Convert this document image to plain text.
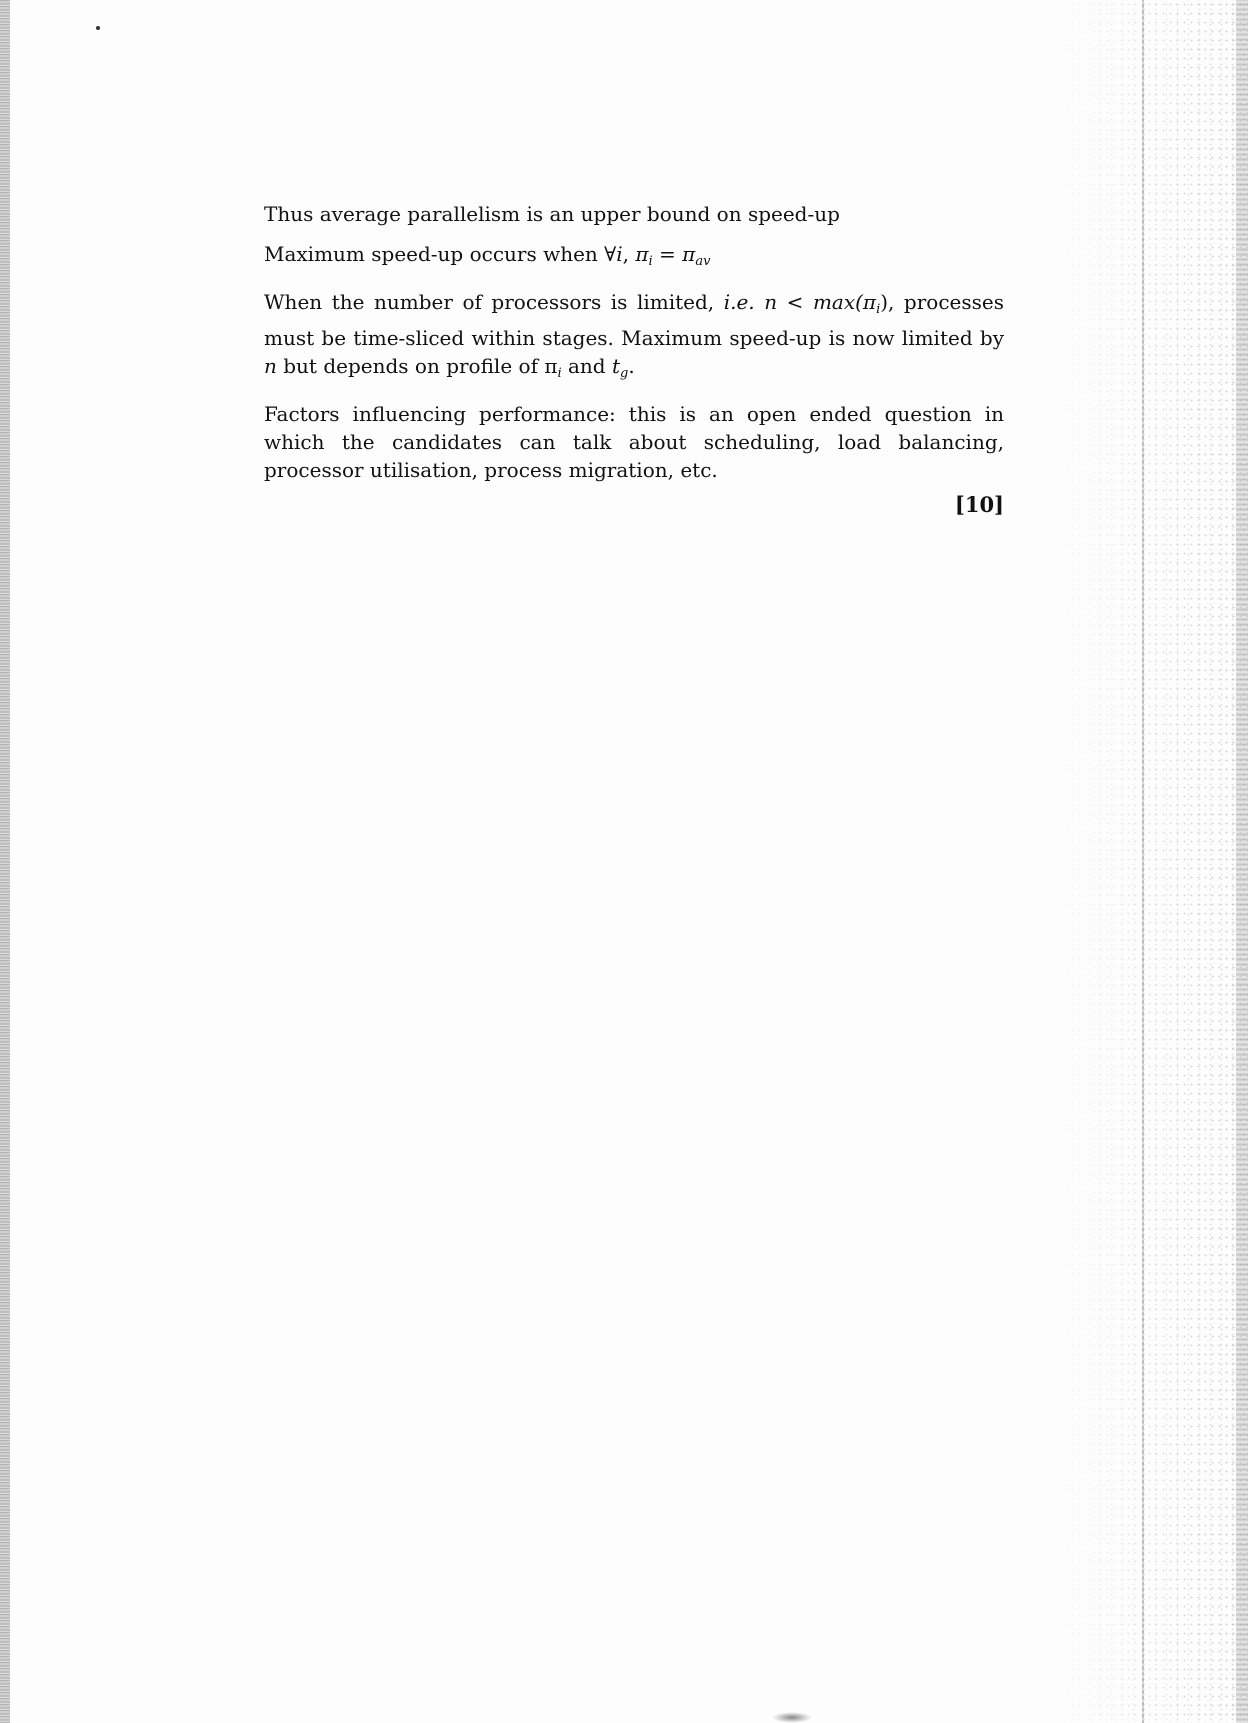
Thus average parallelism is an upper bound on speed-up

Maximum speed-up occurs when ∀i, $\pi_i = \pi_{av}$

When the number of processors is limited, i.e. $n < \max(\pi_i)$, processes must be time-sliced within stages. Maximum speed-up is now limited by n but depends on profile of $\pi_i$ and $t_g$.

Factors influencing performance: this is an open ended question in which the candidates can talk about scheduling, load balancing, processor utilisation, process migration, etc.

[10]
